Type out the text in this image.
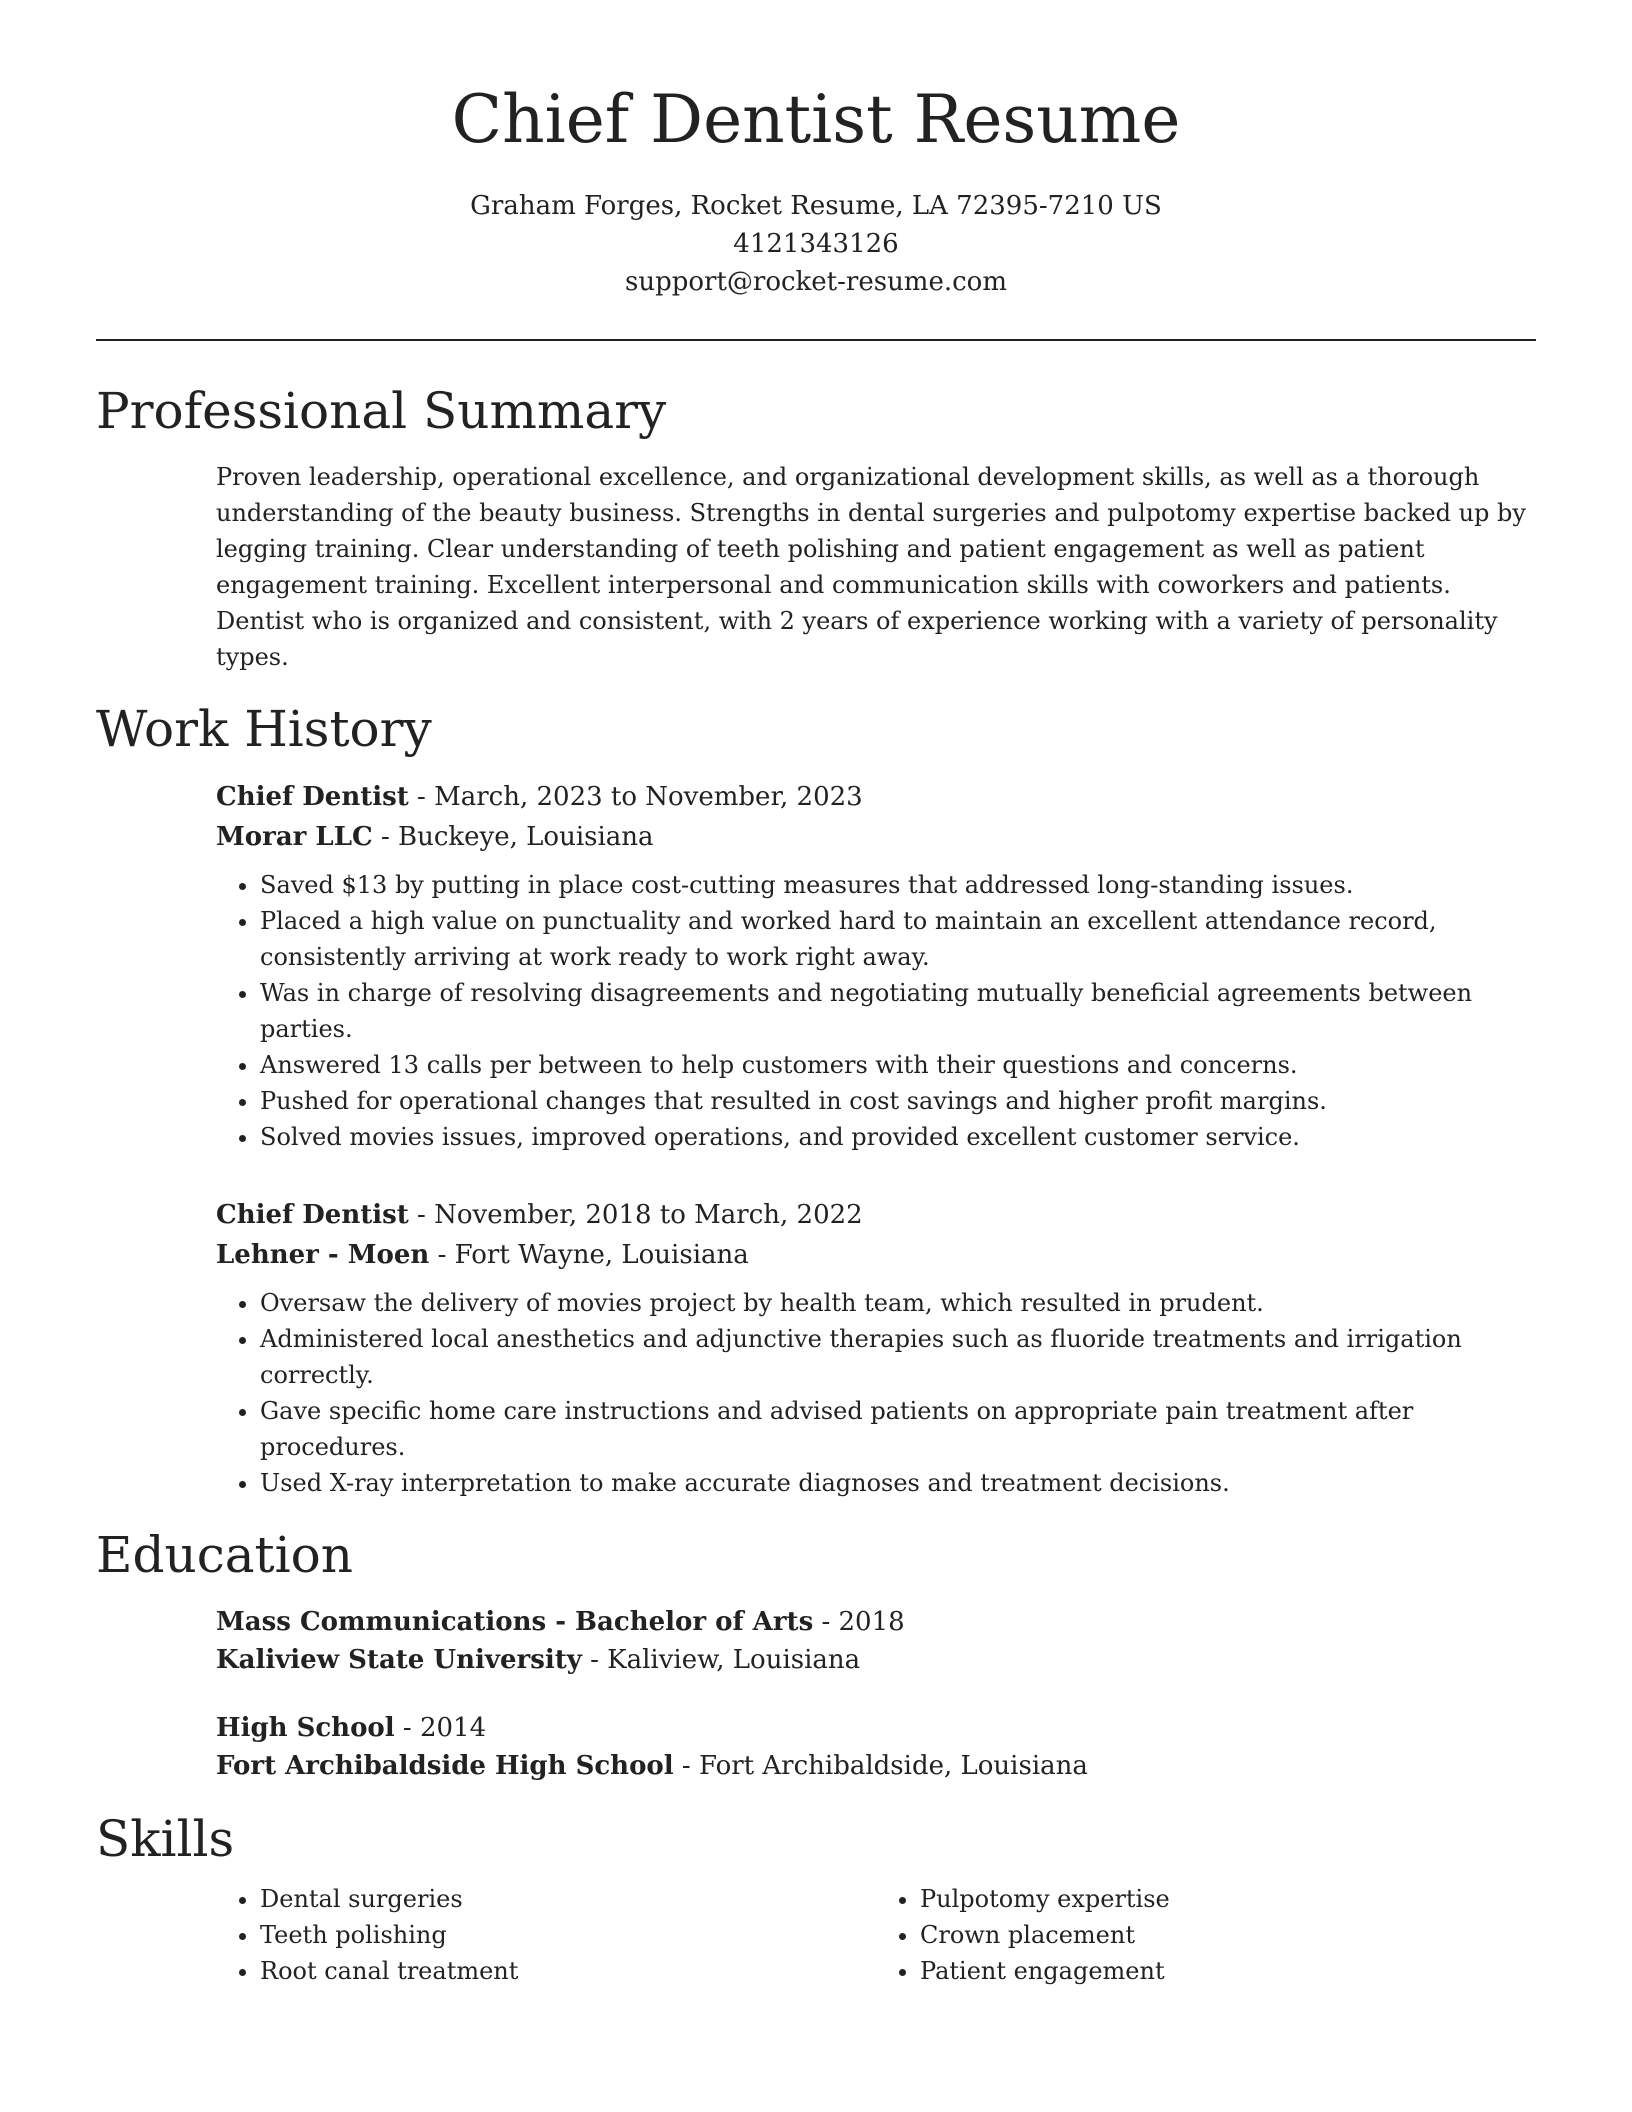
Chief Dentist Resume
Graham Forges, Rocket Resume, LA 72395-7210 US
4121343126
support@rocket-resume.com
Professional Summary
Proven leadership, operational excellence, and organizational development skills, as well as a thorough understanding of the beauty business. Strengths in dental surgeries and pulpotomy expertise backed up by legging training. Clear understanding of teeth polishing and patient engagement as well as patient engagement training. Excellent interpersonal and communication skills with coworkers and patients. Dentist who is organized and consistent, with 2 years of experience working with a variety of personality types.
Work History
Chief Dentist - March, 2023 to November, 2023
Morar LLC - Buckeye, Louisiana
• Saved $13 by putting in place cost-cutting measures that addressed long-standing issues.
• Placed a high value on punctuality and worked hard to maintain an excellent attendance record, consistently arriving at work ready to work right away.
• Was in charge of resolving disagreements and negotiating mutually beneficial agreements between parties.
• Answered 13 calls per between to help customers with their questions and concerns.
• Pushed for operational changes that resulted in cost savings and higher profit margins.
• Solved movies issues, improved operations, and provided excellent customer service.
Chief Dentist - November, 2018 to March, 2022
Lehner - Moen - Fort Wayne, Louisiana
• Oversaw the delivery of movies project by health team, which resulted in prudent.
• Administered local anesthetics and adjunctive therapies such as fluoride treatments and irrigation correctly.
• Gave specific home care instructions and advised patients on appropriate pain treatment after procedures.
• Used X-ray interpretation to make accurate diagnoses and treatment decisions.
Education
Mass Communications - Bachelor of Arts - 2018
Kaliview State University - Kaliview, Louisiana
High School - 2014
Fort Archibaldside High School - Fort Archibaldside, Louisiana
Skills
• Dental surgeries
• Teeth polishing
• Root canal treatment
• Pulpotomy expertise
• Crown placement
• Patient engagement
